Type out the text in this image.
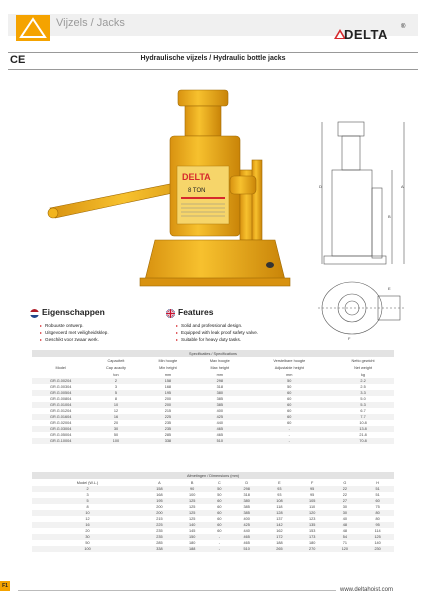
Vijzels / Jacks
DELTA ®
CE	Hydraulische vijzels / Hydraulic bottle jacks
DELTA
8 TON
D	A
B
E
F
Eigenschappen
▸ Robuuste ontwerp.
▸ Uitgevoerd met veiligheidsklep.
▸ Geschikt voor zwaar werk.
Features
▸ Solid and professional design.
▸ Equipped with leak proof safety valve.
▸ Suitable for heavy duty tasks.
Specificaties / Specifications					
	Capaciteit	Min hoogte	Max hoogte	Verstelbare hoogte	Netto gewicht
Model	Cap acacity	Min height	Max height	Adjustable height	Net weight
	ton	mm	mm	mm	kg
GR.G.00204	2	158	298	50	2.2
GR.G.00304	3	168	318	50	2.5
GR.G.00504	5	195	380	60	3.3
GR.G.00804	8	200	385	60	5.0
GR.G.01004	10	200	385	60	5.3
GR.G.01204	12	215	400	60	6.7
GR.G.01604	16	225	425	60	7.7
GR.G.02004	20	235	440	60	10.8
GR.G.03004	30	235	465	-	13.8
GR.G.05004	50	285	465	-	21.8
GR.G.10004	100	338	510	-	70.8
Afmetingen / Dimensions (mm)								
Model (W.L.)	A	B	C	D	E	F	G	H
2	158	90	50	298	93	95	22	51
3	168	100	50	318	93	95	22	51
5	195	125	60	380	108	105	27	60
8	200	125	60	385	118	110	30	75
10	200	125	60	385	128	120	30	80
12	215	125	60	400	137	123	40	80
16	225	140	60	425	142	135	48	95
20	235	145	60	440	162	153	48	114
30	235	150	-	465	172	173	54	125
50	285	180	-	465	188	180	71	140
100	338	188	-	510	265	270	120	230
F1
www.deltahoist.com
